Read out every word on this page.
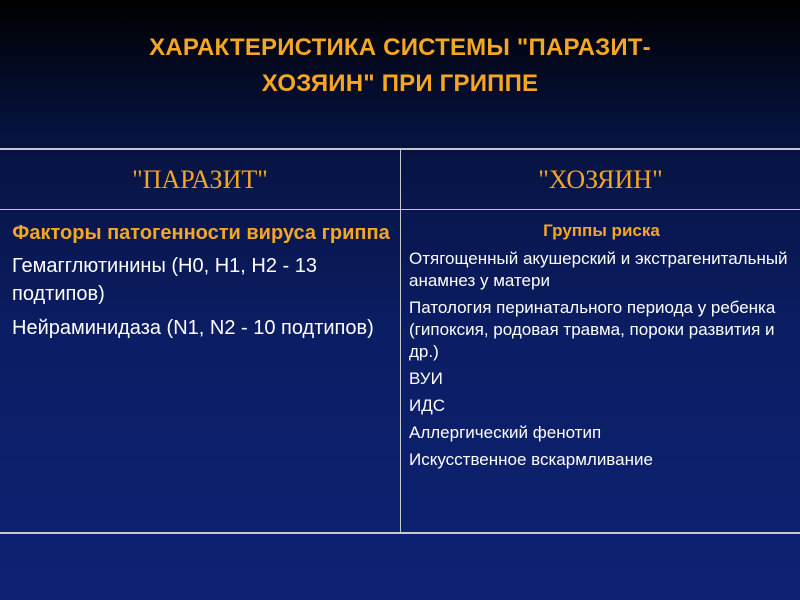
ХАРАКТЕРИСТИКА СИСТЕМЫ "ПАРАЗИТ-
ХОЗЯИН" ПРИ ГРИППЕ
"ПАРАЗИТ"	"ХОЗЯИН"
Факторы патогенности вируса гриппа
Гемагглютинины (H0, H1, H2 - 13 подтипов)
Нейраминидаза (N1, N2 - 10 подтипов)
Группы риска
Отягощенный акушерский и экстрагенитальный анамнез у матери
Патология перинатального периода у ребенка (гипоксия, родовая травма, пороки развития и др.)
ВУИ
ИДС
Аллергический фенотип
Искусственное вскармливание
